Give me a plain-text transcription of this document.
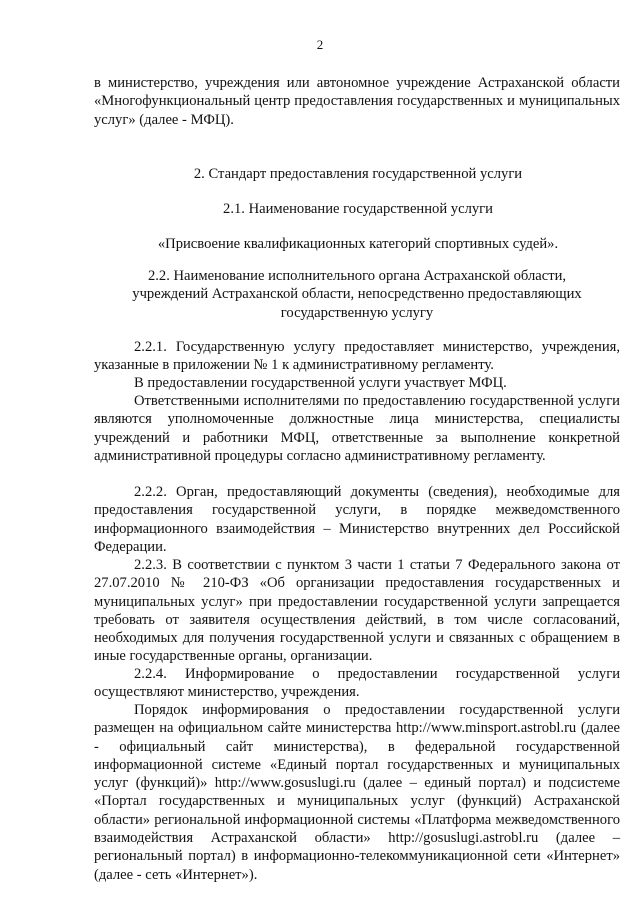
2

в министерство, учреждения или автономное учреждение Астраханской области «Многофункциональный центр предоставления государственных и муниципальных услуг» (далее - МФЦ).

2. Стандарт предоставления государственной услуги
2.1. Наименование государственной услуги
«Присвоение квалификационных категорий спортивных судей».
2.2. Наименование исполнительного органа Астраханской области,
учреждений Астраханской области, непосредственно предоставляющих
государственную услугу

2.2.1. Государственную услугу предоставляет министерство, учреждения, указанные в приложении № 1 к административному регламенту.

В предоставлении государственной услуги участвует МФЦ.

Ответственными исполнителями по предоставлению государственной услуги являются уполномоченные должностные лица министерства, специалисты учреждений и работники МФЦ, ответственные за выполнение конкретной административной процедуры согласно административному регламенту.

2.2.2. Орган, предоставляющий документы (сведения), необходимые для предоставления государственной услуги, в порядке межведомственного информационного взаимодействия – Министерство внутренних дел Российской Федерации.

2.2.3. В соответствии с пунктом 3 части 1 статьи 7 Федерального закона от 27.07.2010 № 210-ФЗ «Об организации предоставления государственных и муниципальных услуг» при предоставлении государственной услуги запрещается требовать от заявителя осуществления действий, в том числе согласований, необходимых для получения государственной услуги и связанных с обращением в иные государственные органы, организации.

2.2.4. Информирование о предоставлении государственной услуги осуществляют министерство, учреждения.

Порядок информирования о предоставлении государственной услуги размещен на официальном сайте министерства http://www.minsport.astrobl.ru (далее - официальный сайт министерства), в федеральной государственной информационной системе «Единый портал государственных и муниципальных услуг (функций)» http://www.gosuslugi.ru (далее – единый портал) и подсистеме «Портал государственных и муниципальных услуг (функций) Астраханской области» региональной информационной системы «Платформа межведомственного взаимодействия Астраханской области» http://gosuslugi.astrobl.ru (далее – региональный портал) в информационно-телекоммуникационной сети «Интернет» (далее - сеть «Интернет»).
